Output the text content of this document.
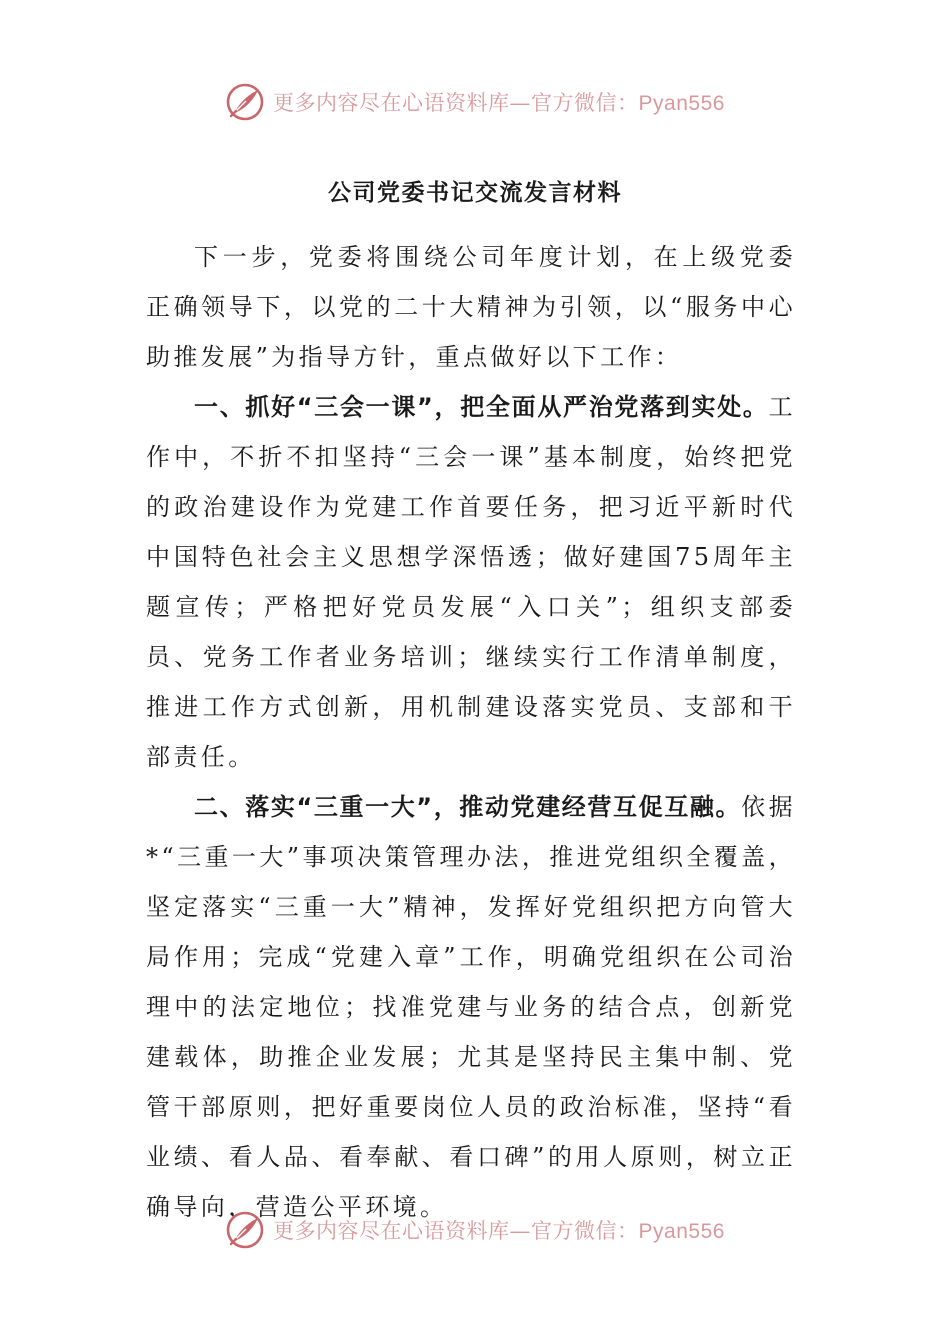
更多内容尽在心语资料库—官方微信：Pyan556
公司党委书记交流发言材料

下一步，党委将围绕公司年度计划，在上级党委正确领导下，以党的二十大精神为引领，以“服务中心助推发展”为指导方针，重点做好以下工作：

一、抓好“三会一课”，把全面从严治党落到实处。工作中，不折不扣坚持“三会一课”基本制度，始终把党的政治建设作为党建工作首要任务，把习近平新时代中国特色社会主义思想学深悟透；做好建国75周年主题宣传；严格把好党员发展“入口关”；组织支部委员、党务工作者业务培训；继续实行工作清单制度，推进工作方式创新，用机制建设落实党员、支部和干部责任。

二、落实“三重一大”，推动党建经营互促互融。依据*“三重一大”事项决策管理办法，推进党组织全覆盖，坚定落实“三重一大”精神，发挥好党组织把方向管大局作用；完成“党建入章”工作，明确党组织在公司治理中的法定地位；找准党建与业务的结合点，创新党建载体，助推企业发展；尤其是坚持民主集中制、党管干部原则，把好重要岗位人员的政治标准，坚持“看业绩、看人品、看奉献、看口碑”的用人原则，树立正确导向，营造公平环境。

更多内容尽在心语资料库—官方微信：Pyan556
